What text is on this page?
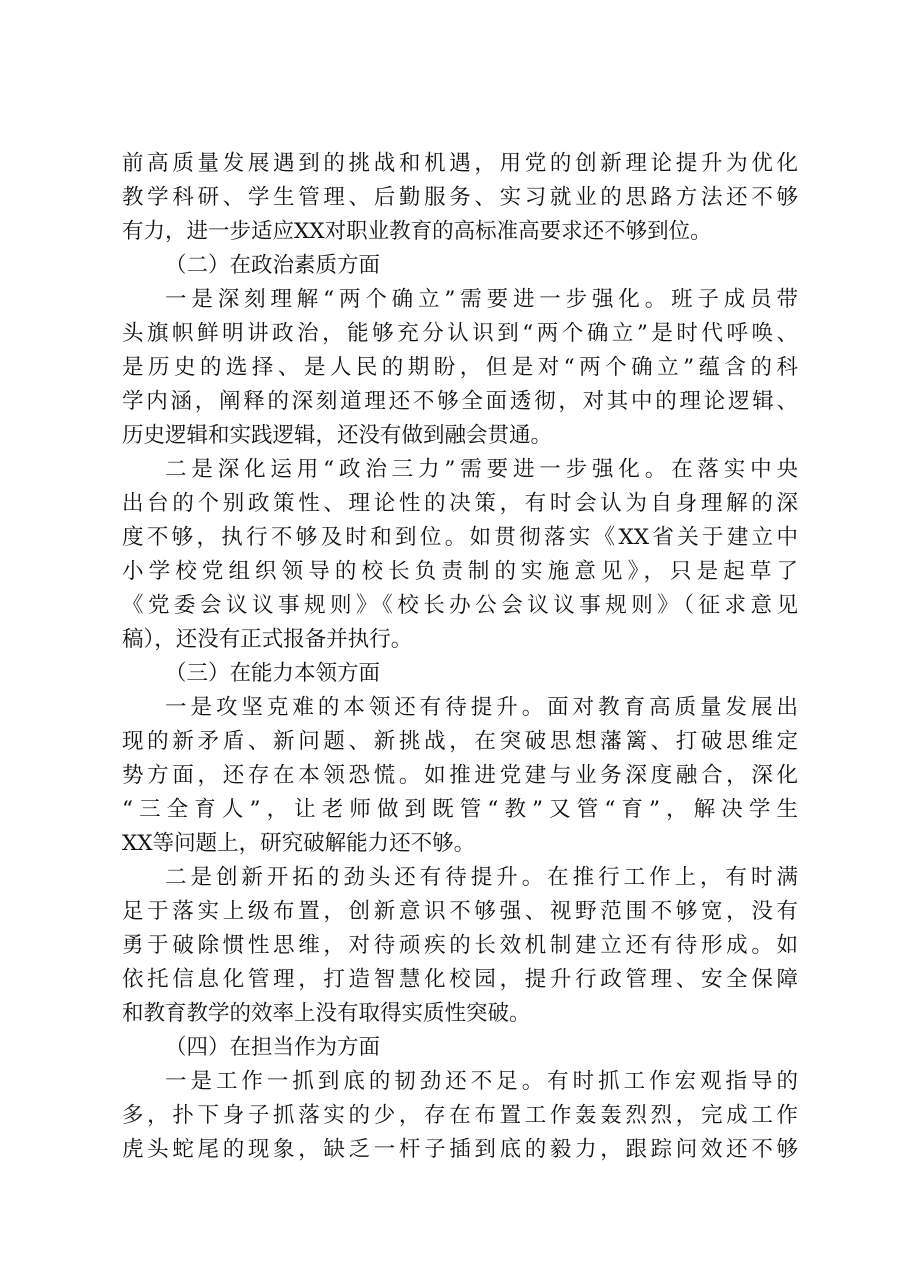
前高质量发展遇到的挑战和机遇，用党的创新理论提升为优化
教学科研、学生管理、后勤服务、实习就业的思路方法还不够
有力，进一步适应XX对职业教育的高标准高要求还不够到位。
（二）在政治素质方面
一是深刻理解“两个确立”需要进一步强化。班子成员带
头旗帜鲜明讲政治，能够充分认识到“两个确立”是时代呼唤、
是历史的选择、是人民的期盼，但是对“两个确立”蕴含的科
学内涵，阐释的深刻道理还不够全面透彻，对其中的理论逻辑、
历史逻辑和实践逻辑，还没有做到融会贯通。
二是深化运用“政治三力”需要进一步强化。在落实中央
出台的个别政策性、理论性的决策，有时会认为自身理解的深
度不够，执行不够及时和到位。如贯彻落实《XX省关于建立中
小学校党组织领导的校长负责制的实施意见》，只是起草了
《党委会议议事规则》《校长办公会议议事规则》（征求意见
稿），还没有正式报备并执行。
（三）在能力本领方面
一是攻坚克难的本领还有待提升。面对教育高质量发展出
现的新矛盾、新问题、新挑战，在突破思想藩篱、打破思维定
势方面，还存在本领恐慌。如推进党建与业务深度融合，深化
“三全育人”，让老师做到既管“教”又管“育”，解决学生
XX等问题上，研究破解能力还不够。
二是创新开拓的劲头还有待提升。在推行工作上，有时满
足于落实上级布置，创新意识不够强、视野范围不够宽，没有
勇于破除惯性思维，对待顽疾的长效机制建立还有待形成。如
依托信息化管理，打造智慧化校园，提升行政管理、安全保障
和教育教学的效率上没有取得实质性突破。
（四）在担当作为方面
一是工作一抓到底的韧劲还不足。有时抓工作宏观指导的
多，扑下身子抓落实的少，存在布置工作轰轰烈烈，完成工作
虎头蛇尾的现象，缺乏一杆子插到底的毅力，跟踪问效还不够
